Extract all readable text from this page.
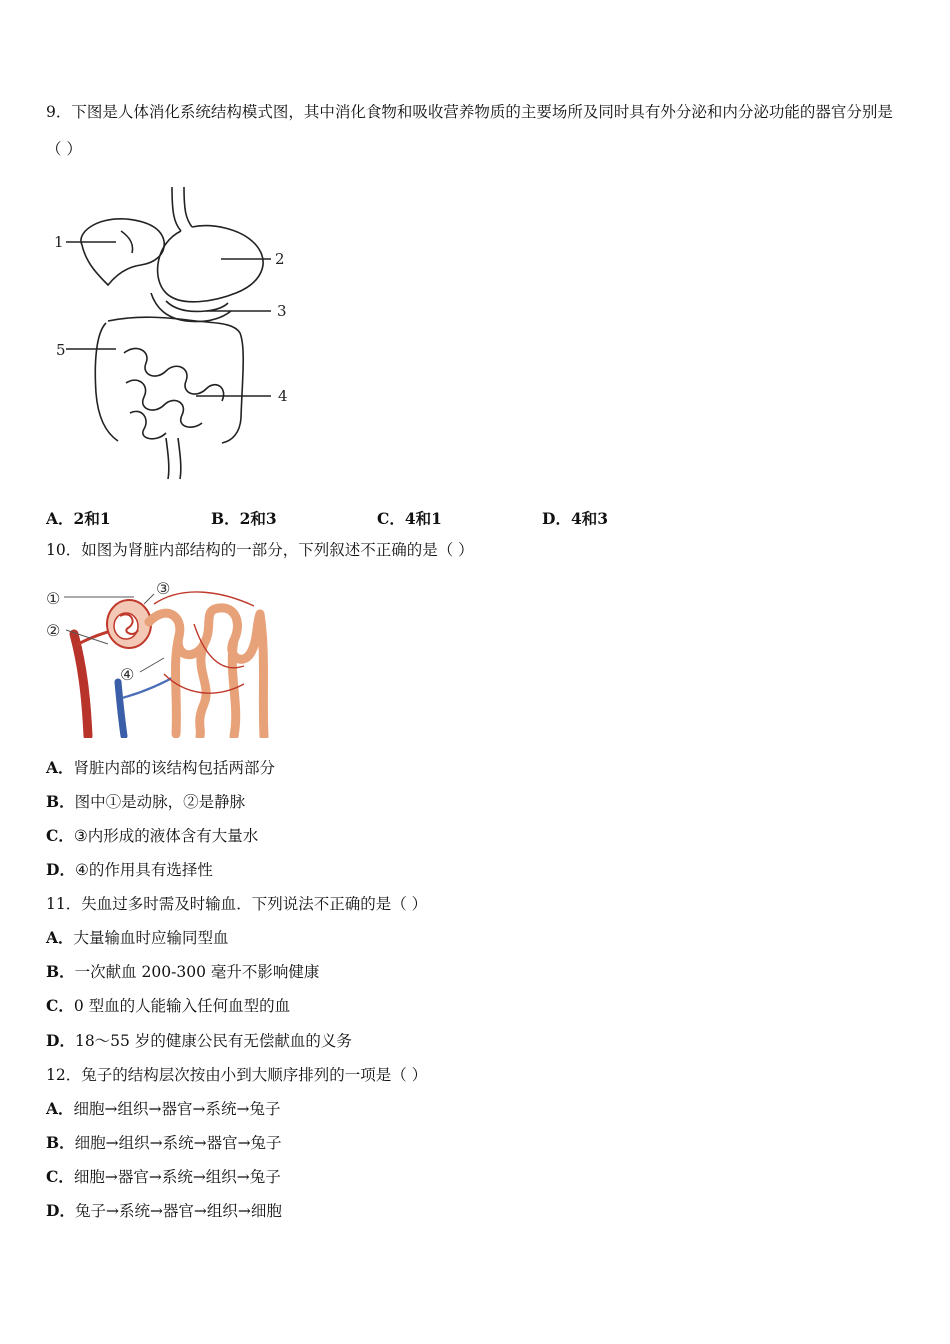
9．下图是人体消化系统结构模式图，其中消化食物和吸收营养物质的主要场所及同时具有外分泌和内分泌功能的器官分别是（ ）
1
2
3
4
5
A．2和1	B．2和3	C．4和1	D．4和3
10．如图为肾脏内部结构的一部分，下列叙述不正确的是（ ）
①
②
③
④
A．肾脏内部的该结构包括两部分
B．图中①是动脉，②是静脉
C．③内形成的液体含有大量水
D．④的作用具有选择性
11．失血过多时需及时输血．下列说法不正确的是（ ）
A．大量输血时应输同型血
B．一次献血 200-300 毫升不影响健康
C．0 型血的人能输入任何血型的血
D．18～55 岁的健康公民有无偿献血的义务
12．兔子的结构层次按由小到大顺序排列的一项是（ ）
A．细胞→组织→器官→系统→兔子
B．细胞→组织→系统→器官→兔子
C．细胞→器官→系统→组织→兔子
D．兔子→系统→器官→组织→细胞
